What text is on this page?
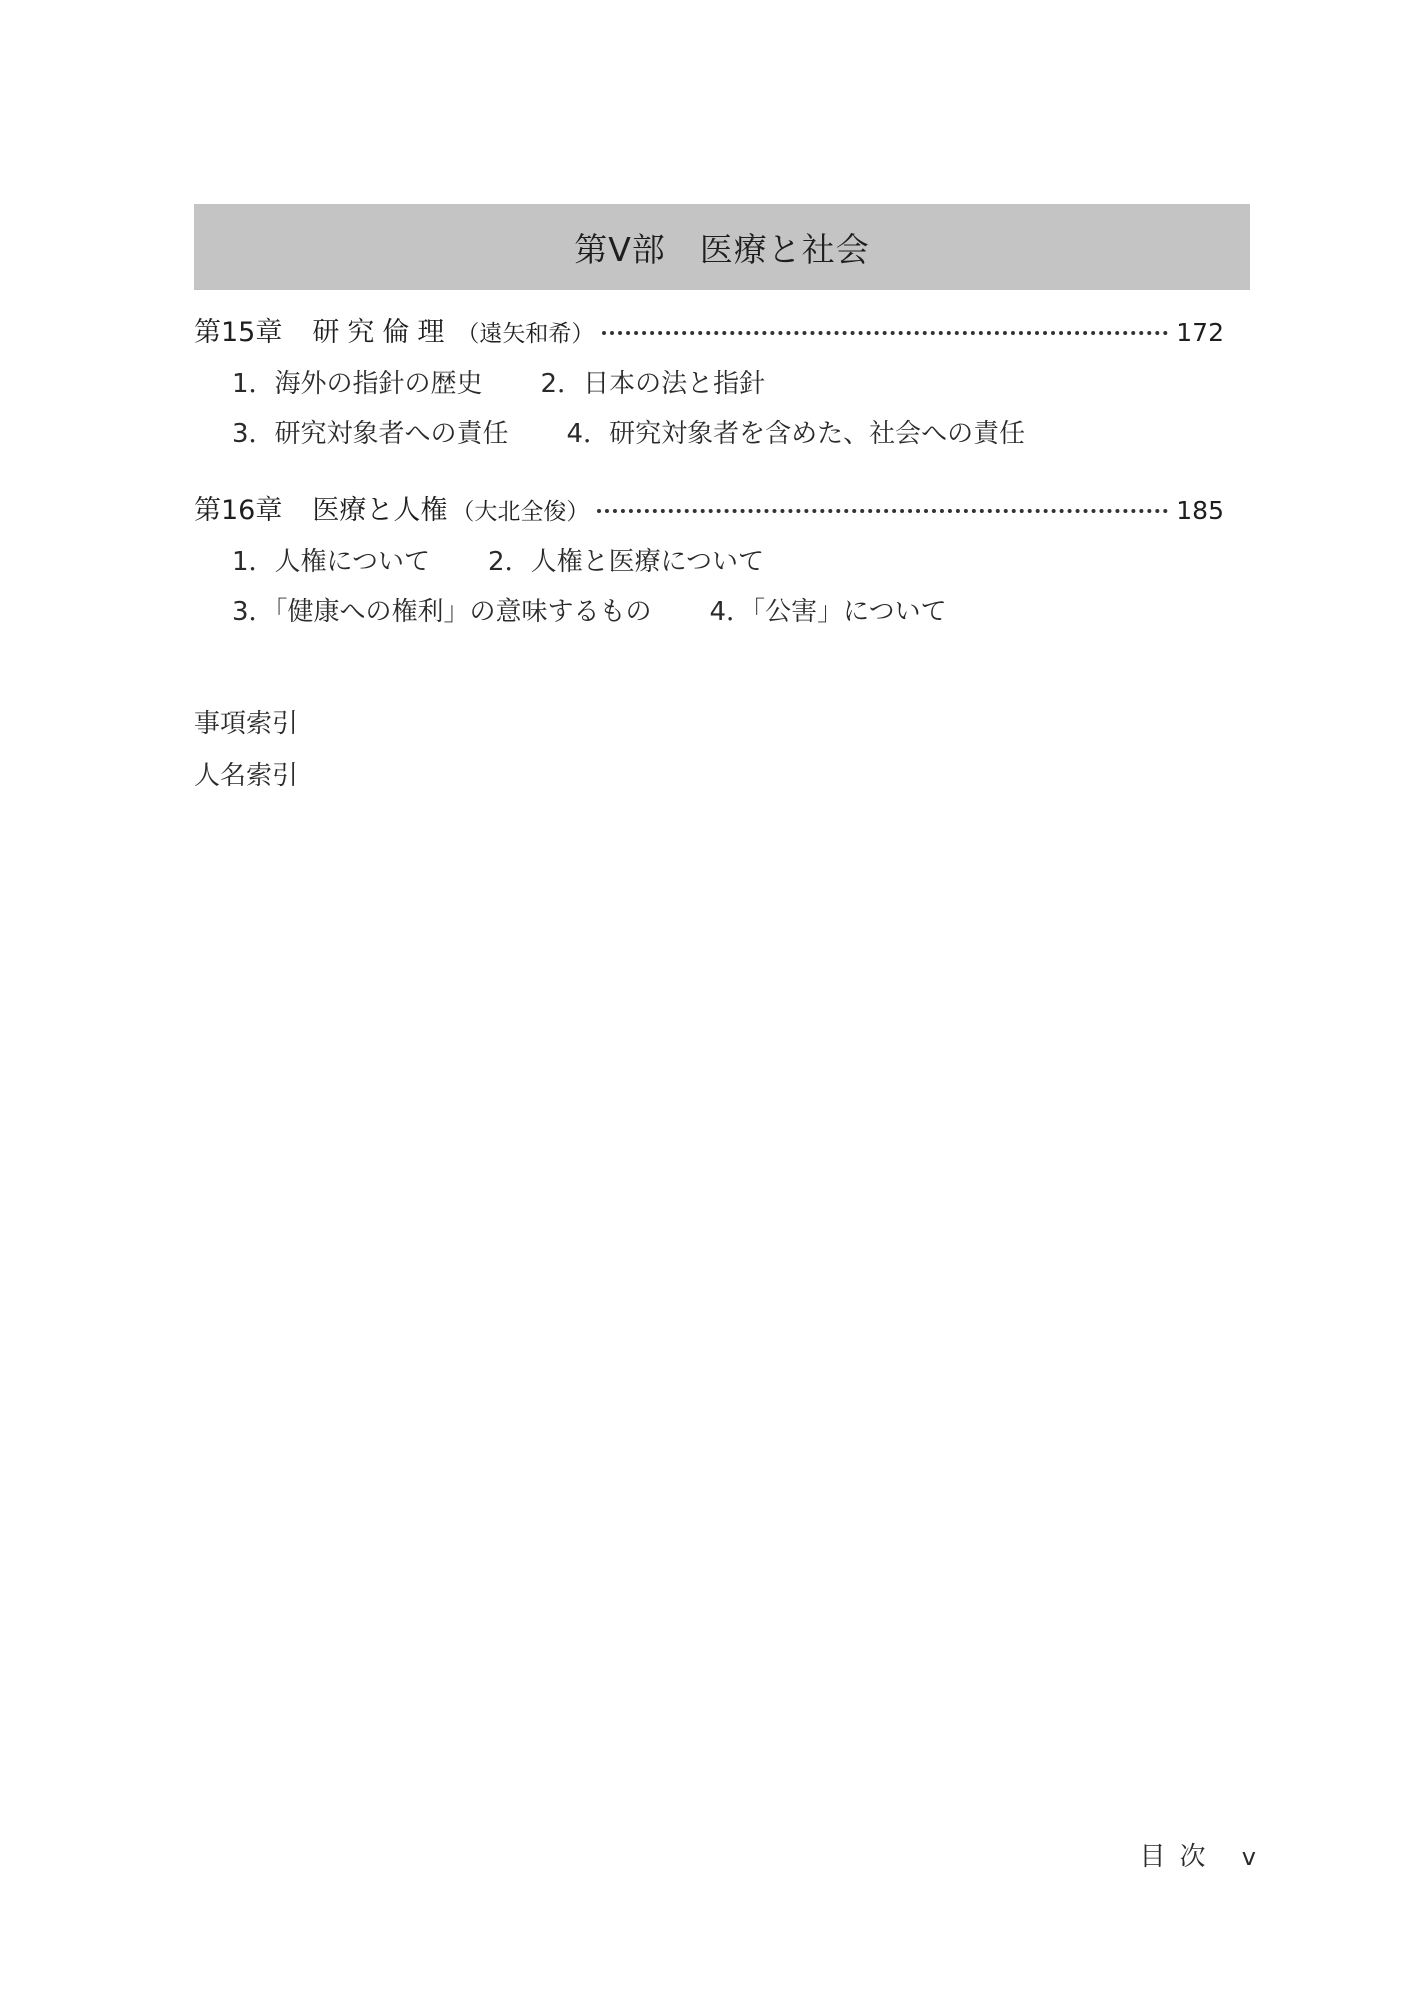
第Ⅴ部　医療と社会
第15章 研究倫理 （遠矢和希）	172
1．海外の指針の歴史 2．日本の法と指針
3．研究対象者への責任 4．研究対象者を含めた、社会への責任
第16章 医療と人権 （大北全俊）	185
1．人権について 2．人権と医療について
3．「健康への権利」の意味するもの 4．「公害」について
事項索引
人名索引
目次 v
